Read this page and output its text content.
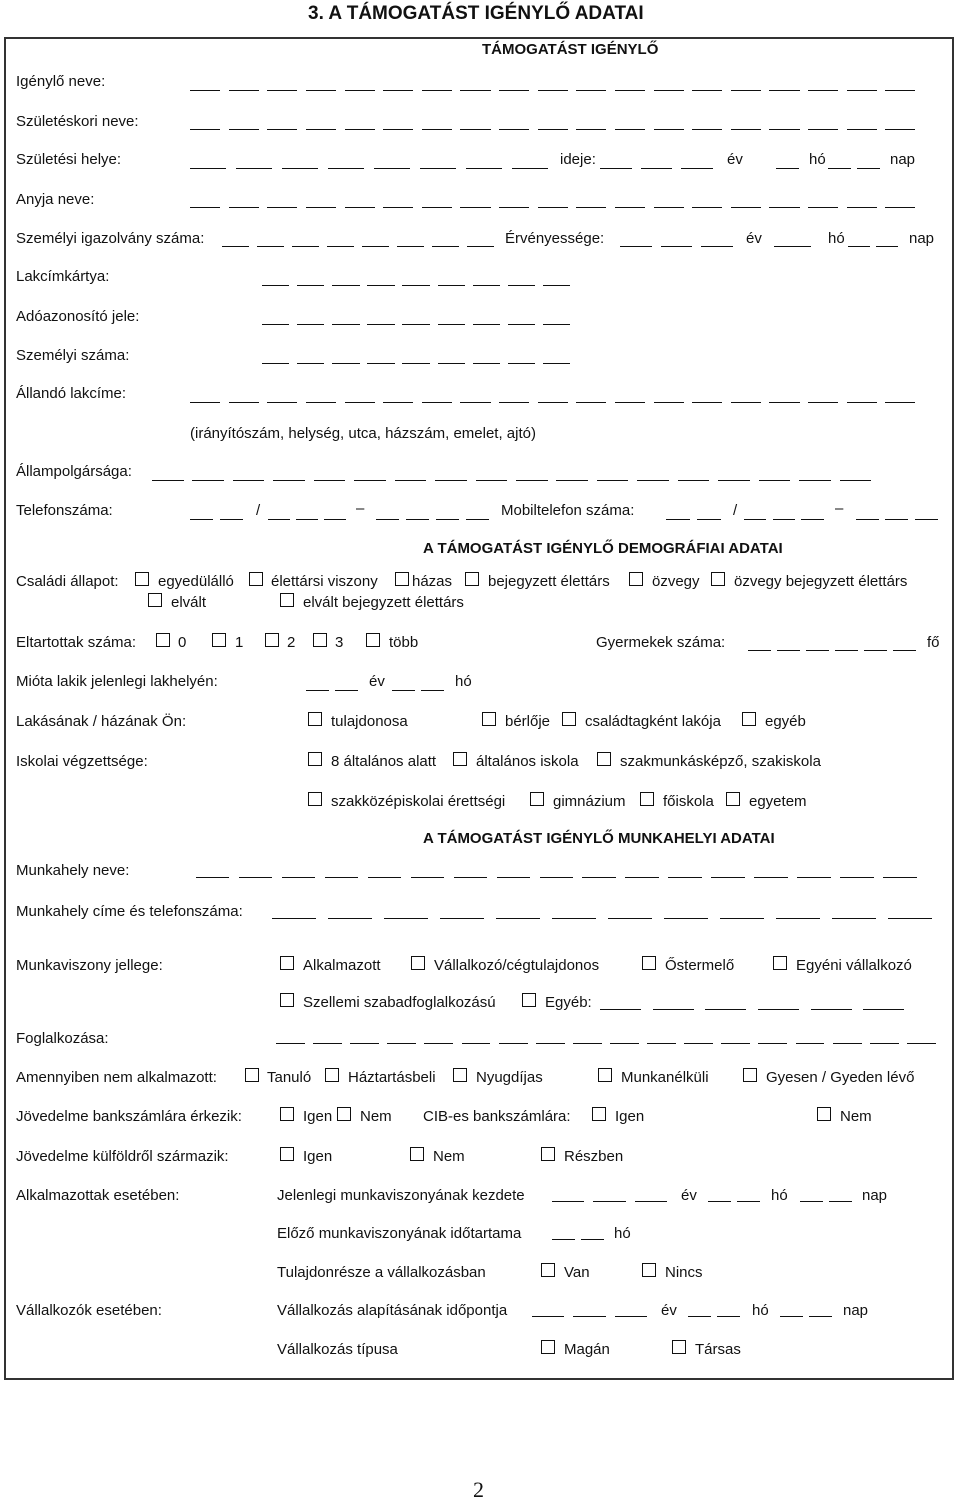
3. A TÁMOGATÁST IGÉNYLŐ ADATAI
TÁMOGATÁST IGÉNYLŐ
Igénylő neve:
Születéskori neve:
Születési helye:	ideje:	év	hó	nap
Anyja neve:
Személyi igazolvány száma:	Érvényessége:	év	hó	nap
Lakcímkártya:
Adóazonosító jele:
Személyi száma:
Állandó lakcíme:
(irányítószám, helység, utca, házszám, emelet, ajtó)
Állampolgársága:
Telefonszáma:	/	–	Mobiltelefon száma:	/	–
A TÁMOGATÁST IGÉNYLŐ DEMOGRÁFIAI ADATAI
Családi állapot:	egyedülálló élettársi viszony házas bejegyzett élettárs	özvegy özvegy bejegyzett élettárs
elvált	elvált bejegyzett élettárs
Eltartottak száma:	0	1	2	3	több	Gyermekek száma:	fő
Mióta lakik jelenlegi lakhelyén:	év	hó
Lakásának / házának Ön:	tulajdonosa	bérlője családtagként lakója	egyéb
Iskolai végzettsége:	8 általános alatt	általános iskola	szakmunkásképző, szakiskola
szakközépiskolai érettségi	gimnázium főiskola egyetem
A TÁMOGATÁST IGÉNYLŐ MUNKAHELYI ADATAI
Munkahely neve:
Munkahely címe és telefonszáma:
Munkaviszony jellege:	Alkalmazott	Vállalkozó/cégtulajdonos	Őstermelő	Egyéni vállalkozó
Szellemi szabadfoglalkozású	Egyéb:
Foglalkozása:
Amennyiben nem alkalmazott:	Tanuló Háztartásbeli	Nyugdíjas	Munkanélküli	Gyesen / Gyeden lévő
Jövedelme bankszámlára érkezik:	Igen Nem CIB-es bankszámlára:	Igen	Nem
Jövedelme külföldről származik:	Igen	Nem	Részben
Alkalmazottak esetében:	Jelenlegi munkaviszonyának kezdete	év	hó	nap
Előző munkaviszonyának időtartama	hó
Tulajdonrésze a vállalkozásban	Van	Nincs
Vállalkozók esetében:	Vállalkozás alapításának időpontja	év	hó	nap
Vállalkozás típusa	Magán	Társas
2
